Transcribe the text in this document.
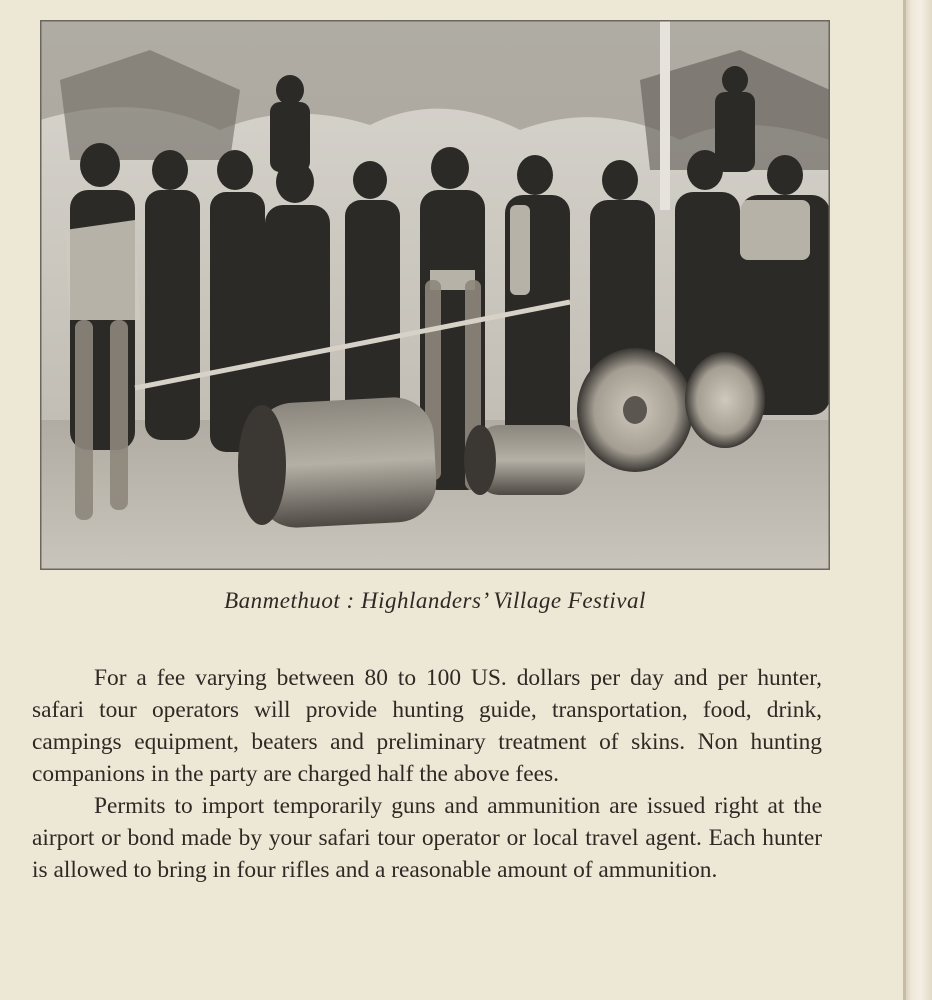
Banmethuot : Highlanders’ Village Festival

For a fee varying between 80 to 100 US. dollars per day and per hunter, safari tour operators will provide hunting guide, transportation, food, drink, campings equipment, beaters and preliminary treatment of skins. Non hunting companions in the party are charged half the above fees.

Permits to import temporarily guns and ammunition are issued right at the airport or bond made by your safari tour operator or local travel agent. Each hunter is allowed to bring in four rifles and a reasonable amount of ammunition.
